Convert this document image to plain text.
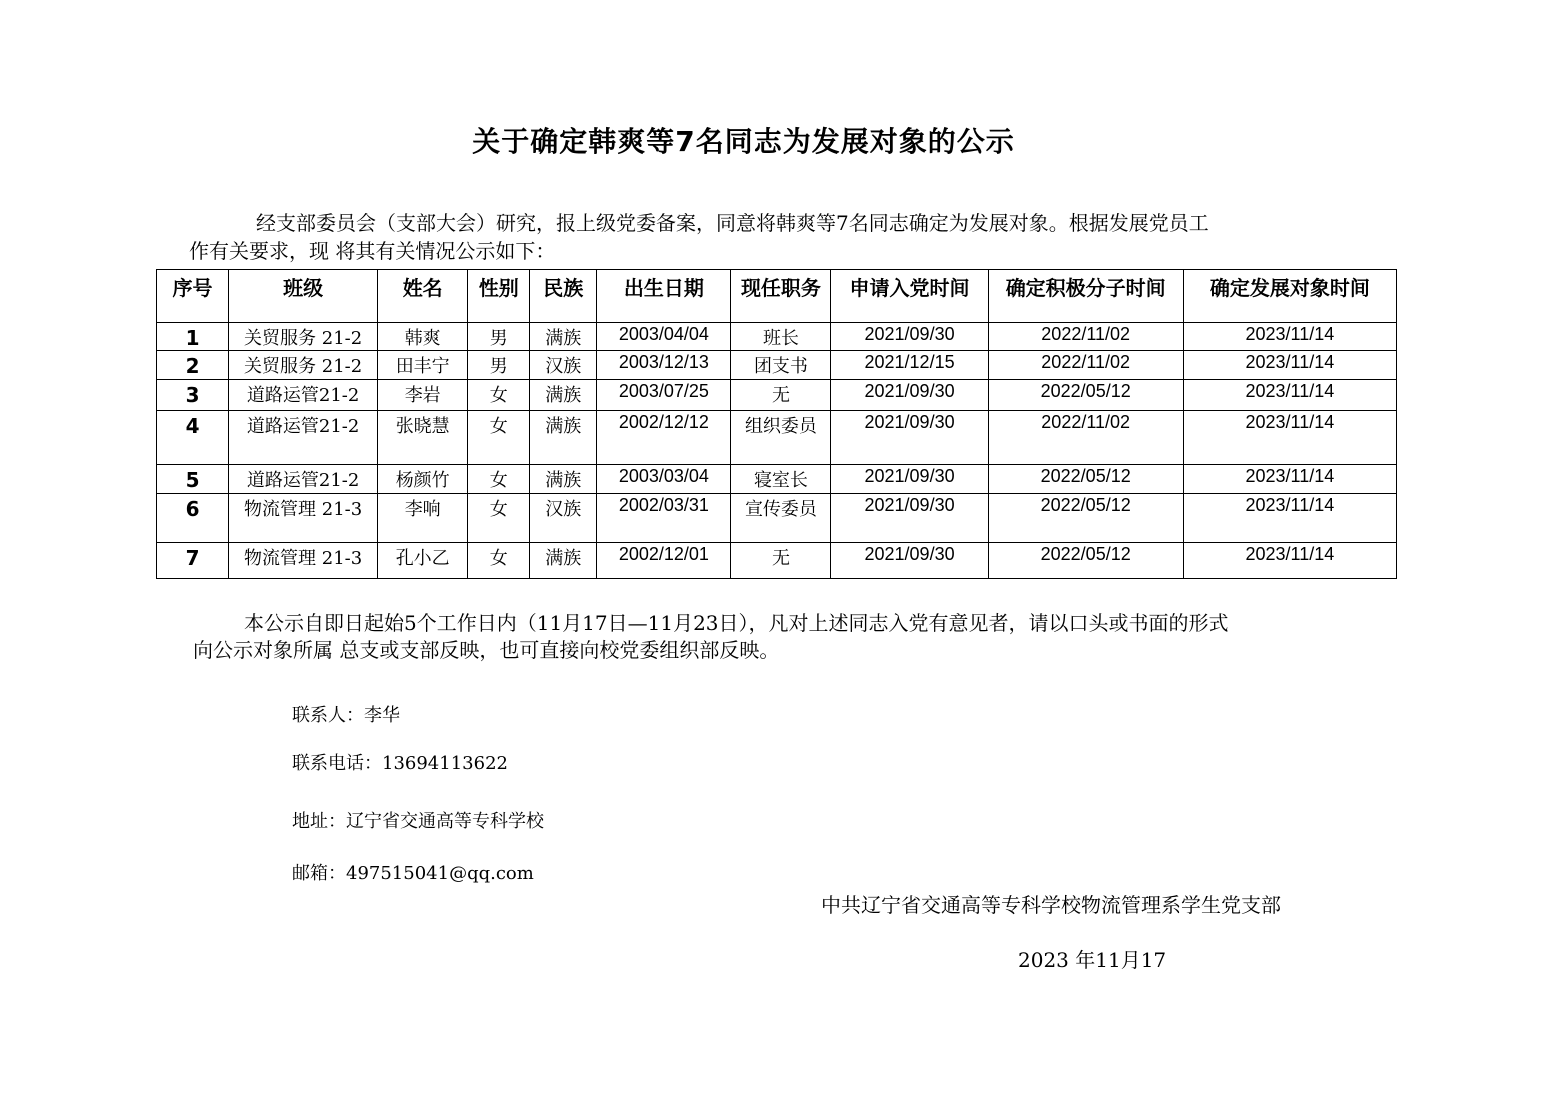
关于确定韩爽等7名同志为发展对象的公示
经支部委员会（支部大会）研究，报上级党委备案，同意将韩爽等7名同志确定为发展对象。根据发展党员工
作有关要求，现 将其有关情况公示如下：
序号	班级	姓名	性别	民族	出生日期	现任职务	申请入党时间	确定积极分子时间	确定发展对象时间
1	关贸服务 21-2	韩爽	男	满族	2003/04/04	班长	2021/09/30	2022/11/02	2023/11/14
2	关贸服务 21-2	田丰宁	男	汉族	2003/12/13	团支书	2021/12/15	2022/11/02	2023/11/14
3	道路运管21-2	李岩	女	满族	2003/07/25	无	2021/09/30	2022/05/12	2023/11/14
4	道路运管21-2	张晓慧	女	满族	2002/12/12	组织委员	2021/09/30	2022/11/02	2023/11/14
5	道路运管21-2	杨颜竹	女	满族	2003/03/04	寝室长	2021/09/30	2022/05/12	2023/11/14
6	物流管理 21-3	李响	女	汉族	2002/03/31	宣传委员	2021/09/30	2022/05/12	2023/11/14
7	物流管理 21-3	孔小乙	女	满族	2002/12/01	无	2021/09/30	2022/05/12	2023/11/14
本公示自即日起始5个工作日内（11月17日—11月23日），凡对上述同志入党有意见者，请以口头或书面的形式
向公示对象所属 总支或支部反映，也可直接向校党委组织部反映。
联系人：李华
联系电话：13694113622
地址：辽宁省交通高等专科学校
邮箱：497515041@qq.com
中共辽宁省交通高等专科学校物流管理系学生党支部
2023 年11月17
